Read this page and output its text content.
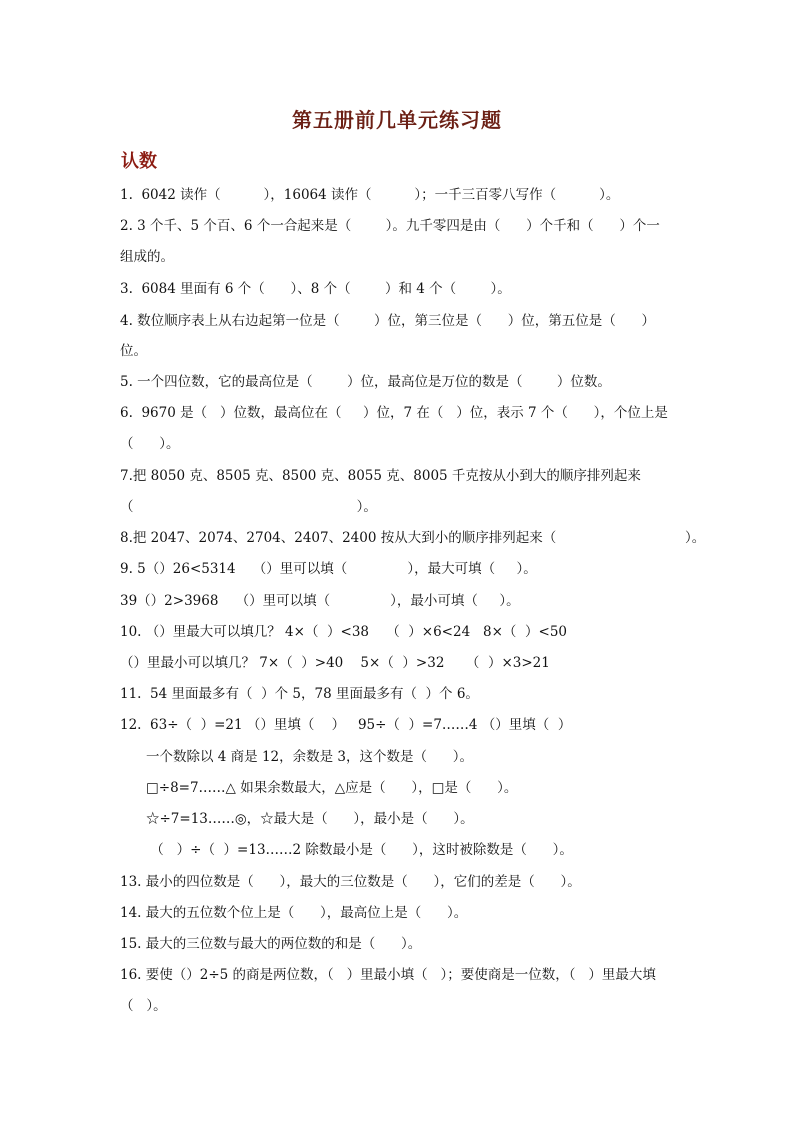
第五册前几单元练习题
认数
1.  6042 读作（          ），16064 读作（          ）；一千三百零八写作（          ）。
2. 3 个千、5 个百、6 个一合起来是（        ）。九千零四是由（      ）个千和（      ）个一
组成的。
3.  6084 里面有 6 个（      ）、8 个（        ）和 4 个（        ）。
4. 数位顺序表上从右边起第一位是（        ）位，第三位是（      ）位，第五位是（      ）
位。
5. 一个四位数，它的最高位是（        ）位，最高位是万位的数是（        ）位数。
6.  9670 是（   ）位数，最高位在（     ）位，7 在（   ）位，表示 7 个（      ），个位上是
（      ）。
7.把 8050 克、8505 克、8500 克、8055 克、8005 千克按从小到大的顺序排列起来
（                                                    ）。
8.把 2047、2074、2704、2407、2400 按从大到小的顺序排列起来（                              ）。
9. 5（）26<5314    （）里可以填（              ），最大可填（     ）。
39（）2>3968    （）里可以填（              ），最小可填（     ）。
10. （）里最大可以填几？ 4×（  ）<38    （  ）×6<24   8×（  ）<50
（）里最小可以填几？ 7×（  ）>40    5×（  ）>32     （  ）×3>21
11.  54 里面最多有（  ）个 5，78 里面最多有（  ）个 6。
12.  63÷（  ）=21 （）里填（    ）   95÷（  ）=7……4 （）里填（  ）
一个数除以 4 商是 12，余数是 3，这个数是（      ）。
□÷8=7……△ 如果余数最大，△应是（      ），□是（      ）。
☆÷7=13……◎，☆最大是（      ），最小是（      ）。
（   ）÷（  ）=13……2 除数最小是（      ），这时被除数是（      ）。
13. 最小的四位数是（      ），最大的三位数是（      ），它们的差是（      ）。
14. 最大的五位数个位上是（      ），最高位上是（      ）。
15. 最大的三位数与最大的两位数的和是（      ）。
16. 要使（）2÷5 的商是两位数，（   ）里最小填（   ）；要使商是一位数，（   ）里最大填
（   ）。
